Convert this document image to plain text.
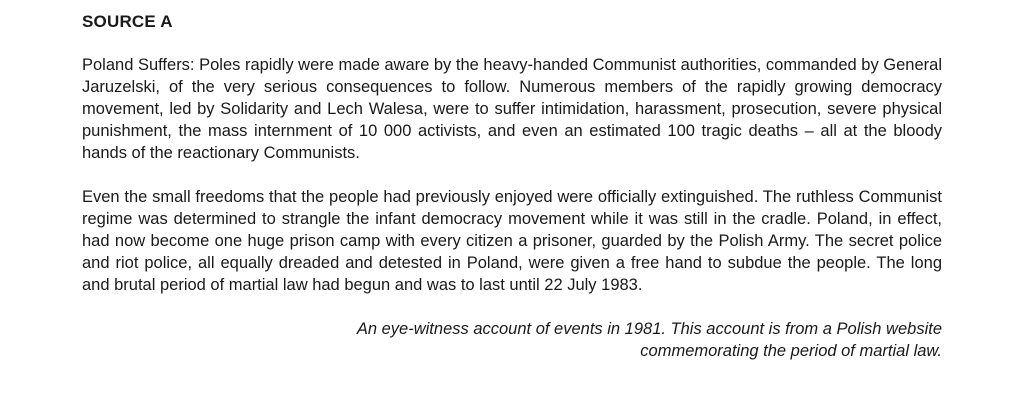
SOURCE A

Poland Suffers: Poles rapidly were made aware by the heavy-handed Communist authorities, commanded by General Jaruzelski, of the very serious consequences to follow. Numerous members of the rapidly growing democracy movement, led by Solidarity and Lech Walesa, were to suffer intimidation, harassment, prosecution, severe physical punishment, the mass internment of 10 000 activists, and even an estimated 100 tragic deaths – all at the bloody hands of the reactionary Communists.

Even the small freedoms that the people had previously enjoyed were officially extinguished. The ruthless Communist regime was determined to strangle the infant democracy movement while it was still in the cradle. Poland, in effect, had now become one huge prison camp with every citizen a prisoner, guarded by the Polish Army. The secret police and riot police, all equally dreaded and detested in Poland, were given a free hand to subdue the people. The long and brutal period of martial law had begun and was to last until 22 July 1983.

An eye-witness account of events in 1981. This account is from a Polish website
commemorating the period of martial law.
